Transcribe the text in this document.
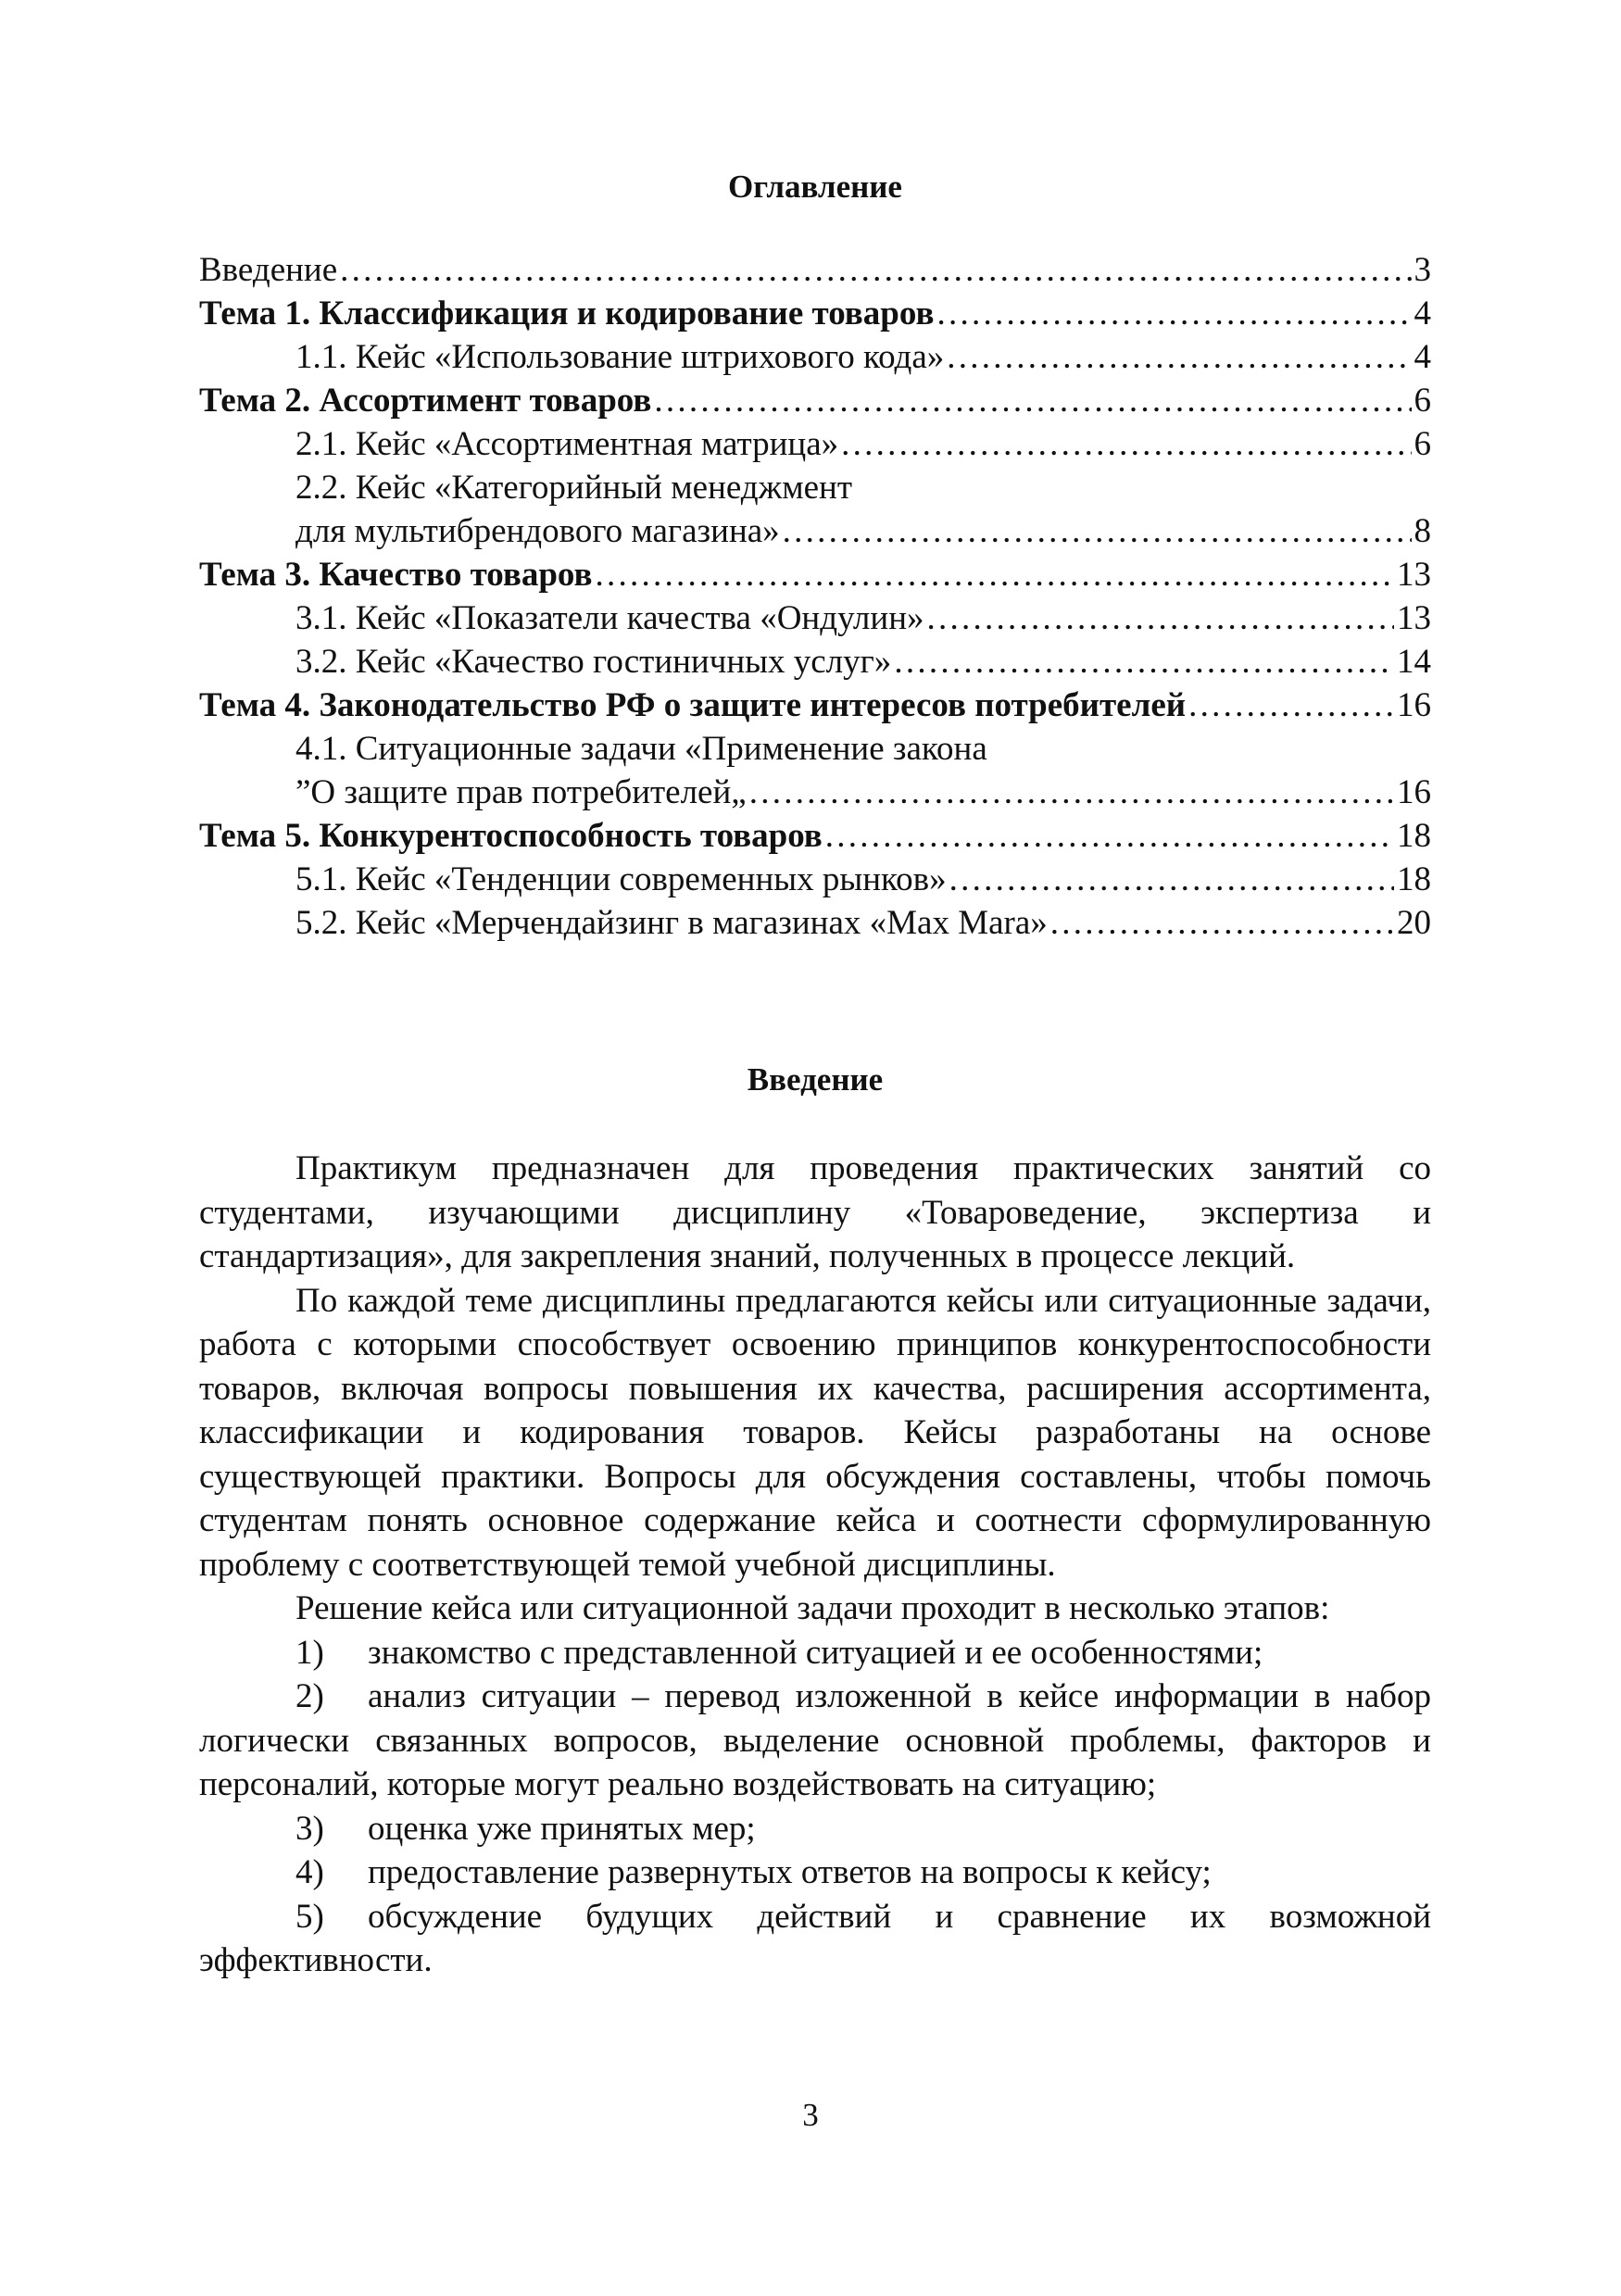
Оглавление
Введение . . .	3
Тема 1. Классификация и кодирование товаров . . .	4
1.1. Кейс «Использование штрихового кода» . . .	4
Тема 2. Ассортимент товаров . . .	6
2.1. Кейс «Ассортиментная матрица» . . .	6
2.2. Кейс «Категорийный менеджмент
для мультибрендового магазина» . . .	8
Тема 3. Качество товаров . . .	13
3.1. Кейс «Показатели качества «Ондулин» . . .	13
3.2. Кейс «Качество гостиничных услуг» . . .	14
Тема 4. Законодательство РФ о защите интересов потребителей . . .	16
4.1. Ситуационные задачи «Применение закона
”О защите прав потребителей„ . . .	16
Тема 5. Конкурентоспособность товаров . . .	18
5.1. Кейс «Тенденции современных рынков» . . .	18
5.2. Кейс «Мерчендайзинг в магазинах «Max Mara» . . .	20
Введение

Практикум предназначен для проведения практических занятий со студентами, изучающими дисциплину «Товароведение, экспертиза и стандартизация», для закрепления знаний, полученных в процессе лекций.

По каждой теме дисциплины предлагаются кейсы или ситуационные задачи, работа с которыми способствует освоению принципов конкурентоспособности товаров, включая вопросы повышения их качества, расширения ассортимента, классификации и кодирования товаров. Кейсы разработаны на основе существующей практики. Вопросы для обсуждения составлены, чтобы помочь студентам понять основное содержание кейса и соотнести сформулированную проблему с соответствующей темой учебной дисциплины.

Решение кейса или ситуационной задачи проходит в несколько этапов:

1) знакомство с представленной ситуацией и ее особенностями;

2) анализ ситуации – перевод изложенной в кейсе информации в набор логически связанных вопросов, выделение основной проблемы, факторов и персоналий, которые могут реально воздействовать на ситуацию;

3) оценка уже принятых мер;

4) предоставление развернутых ответов на вопросы к кейсу;

5) обсуждение будущих действий и сравнение их возможной эффективности.

3
